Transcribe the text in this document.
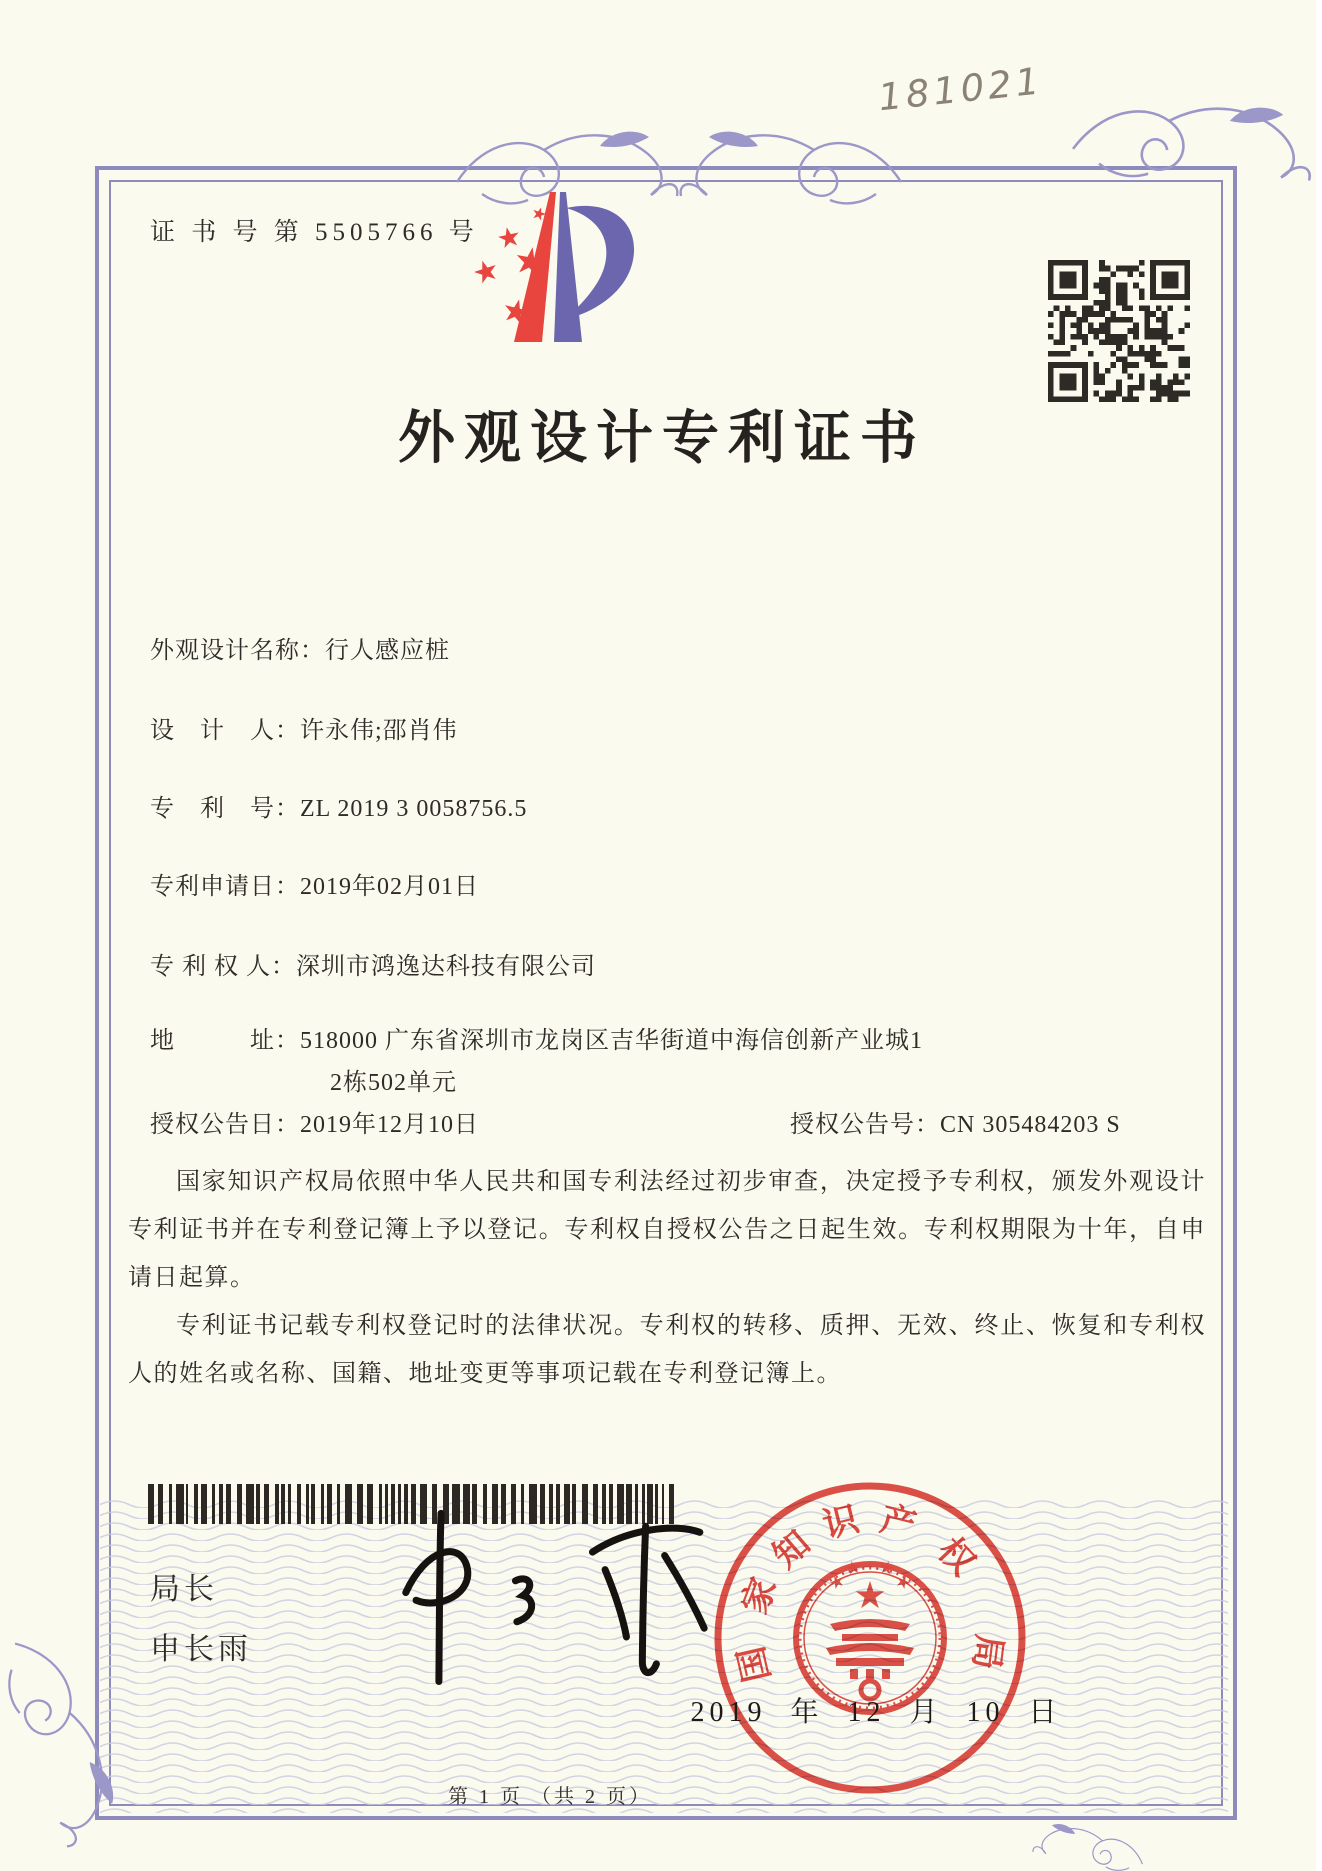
181021
证 书 号 第 5505766 号
外观设计专利证书
外观设计名称：行人感应桩
设　计　人：许永伟;邵肖伟
专　利　号：ZL 2019 3 0058756.5
专利申请日：2019年02月01日
专 利 权 人：深圳市鸿逸达科技有限公司
地　　　址：518000 广东省深圳市龙岗区吉华街道中海信创新产业城1
2栋502单元
授权公告日：2019年12月10日	授权公告号：CN 305484203 S

国家知识产权局依照中华人民共和国专利法经过初步审查，决定授予专利权，颁发外观设计专利证书并在专利登记簿上予以登记。专利权自授权公告之日起生效。专利权期限为十年，自申请日起算。

专利证书记载专利权登记时的法律状况。专利权的转移、质押、无效、终止、恢复和专利权人的姓名或名称、国籍、地址变更等事项记载在专利登记簿上。

局长
申长雨	国
家
知
识 产
权
局
2019 年 12 月 10 日
第 1 页 （共 2 页）
